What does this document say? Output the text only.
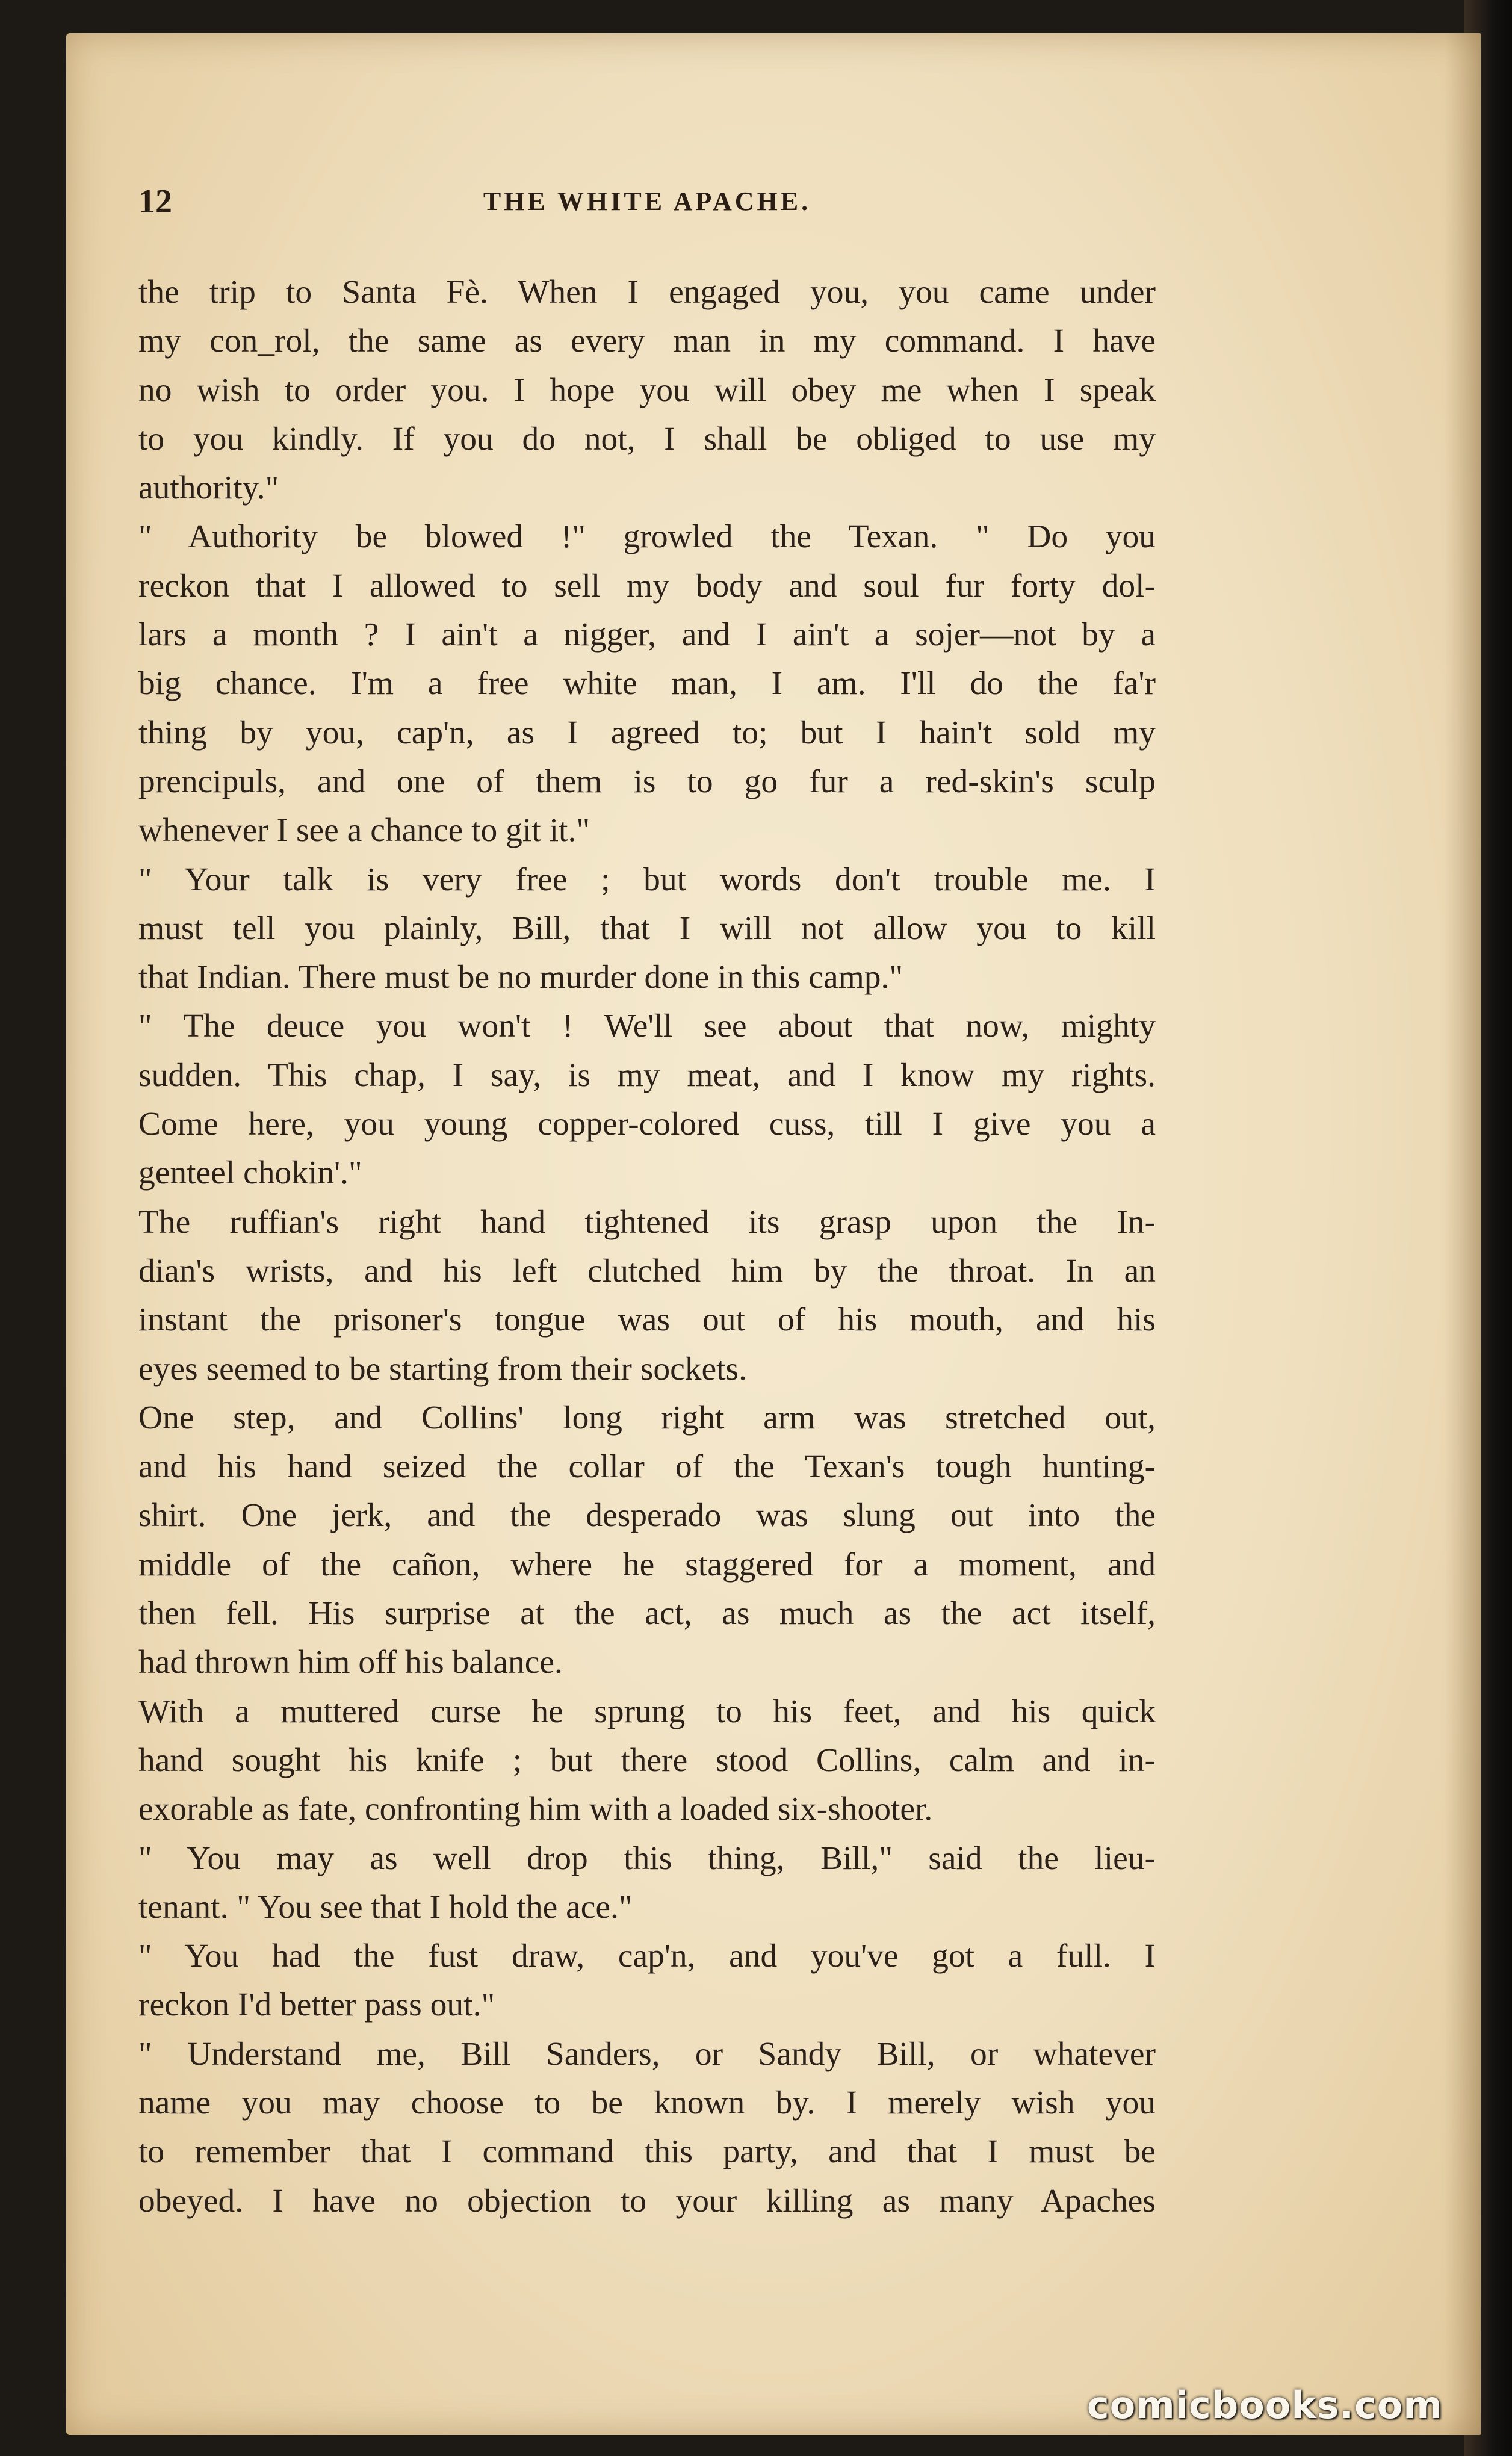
12	THE WHITE APACHE.
the trip to Santa Fè. When I engaged you, you came under
my con_rol, the same as every man in my command. I have
no wish to order you. I hope you will obey me when I speak
to you kindly. If you do not, I shall be obliged to use my
authority."
" Authority be blowed !" growled the Texan. " Do you
reckon that I allowed to sell my body and soul fur forty dol-
lars a month ? I ain't a nigger, and I ain't a sojer—not by a
big chance. I'm a free white man, I am. I'll do the fa'r
thing by you, cap'n, as I agreed to; but I hain't sold my
prencipuls, and one of them is to go fur a red-skin's sculp
whenever I see a chance to git it."
" Your talk is very free ; but words don't trouble me. I
must tell you plainly, Bill, that I will not allow you to kill
that Indian. There must be no murder done in this camp."
" The deuce you won't ! We'll see about that now, mighty
sudden. This chap, I say, is my meat, and I know my rights.
Come here, you young copper-colored cuss, till I give you a
genteel chokin'."
The ruffian's right hand tightened its grasp upon the In-
dian's wrists, and his left clutched him by the throat. In an
instant the prisoner's tongue was out of his mouth, and his
eyes seemed to be starting from their sockets.
One step, and Collins' long right arm was stretched out,
and his hand seized the collar of the Texan's tough hunting-
shirt. One jerk, and the desperado was slung out into the
middle of the cañon, where he staggered for a moment, and
then fell. His surprise at the act, as much as the act itself,
had thrown him off his balance.
With a muttered curse he sprung to his feet, and his quick
hand sought his knife ; but there stood Collins, calm and in-
exorable as fate, confronting him with a loaded six-shooter.
" You may as well drop this thing, Bill," said the lieu-
tenant. " You see that I hold the ace."
" You had the fust draw, cap'n, and you've got a full. I
reckon I'd better pass out."
" Understand me, Bill Sanders, or Sandy Bill, or whatever
name you may choose to be known by. I merely wish you
to remember that I command this party, and that I must be
obeyed. I have no objection to your killing as many Apaches
comicbooks.com
